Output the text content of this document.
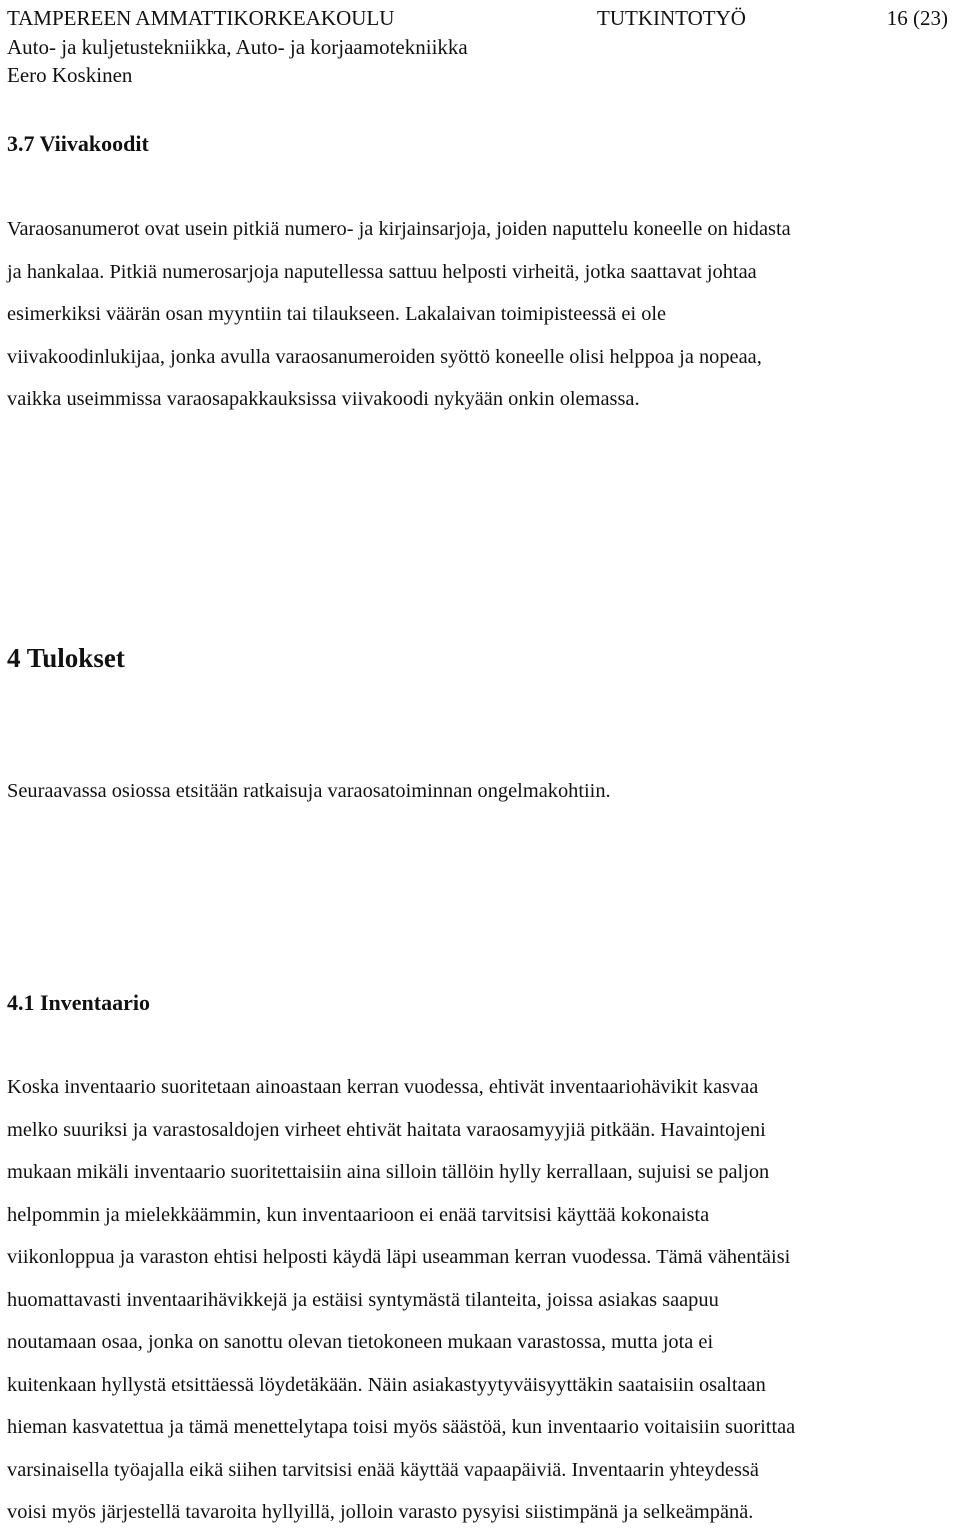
TAMPEREEN AMMATTIKORKEAKOULU	TUTKINTOTYÖ	16 (23)
Auto- ja kuljetustekniikka, Auto- ja korjaamotekniikka
Eero Koskinen
3.7 Viivakoodit
Varaosanumerot ovat usein pitkiä numero- ja kirjainsarjoja, joiden naputtelu koneelle on hidasta
ja hankalaa. Pitkiä numerosarjoja naputellessa sattuu helposti virheitä, jotka saattavat johtaa
esimerkiksi väärän osan myyntiin tai tilaukseen. Lakalaivan toimipisteessä ei ole
viivakoodinlukijaa, jonka avulla varaosanumeroiden syöttö koneelle olisi helppoa ja nopeaa,
vaikka useimmissa varaosapakkauksissa viivakoodi nykyään onkin olemassa.
4 Tulokset
Seuraavassa osiossa etsitään ratkaisuja varaosatoiminnan ongelmakohtiin.
4.1 Inventaario
Koska inventaario suoritetaan ainoastaan kerran vuodessa, ehtivät inventaariohävikit kasvaa
melko suuriksi ja varastosaldojen virheet ehtivät haitata varaosamyyjiä pitkään. Havaintojeni
mukaan mikäli inventaario suoritettaisiin aina silloin tällöin hylly kerrallaan, sujuisi se paljon
helpommin ja mielekkäämmin, kun inventaarioon ei enää tarvitsisi käyttää kokonaista
viikonloppua ja varaston ehtisi helposti käydä läpi useamman kerran vuodessa. Tämä vähentäisi
huomattavasti inventaarihävikkejä ja estäisi syntymästä tilanteita, joissa asiakas saapuu
noutamaan osaa, jonka on sanottu olevan tietokoneen mukaan varastossa, mutta jota ei
kuitenkaan hyllystä etsittäessä löydetäkään. Näin asiakastyytyväisyyttäkin saataisiin osaltaan
hieman kasvatettua ja tämä menettelytapa toisi myös säästöä, kun inventaario voitaisiin suorittaa
varsinaisella työajalla eikä siihen tarvitsisi enää käyttää vapaapäiviä. Inventaarin yhteydessä
voisi myös järjestellä tavaroita hyllyillä, jolloin varasto pysyisi siistimpänä ja selkeämpänä.
